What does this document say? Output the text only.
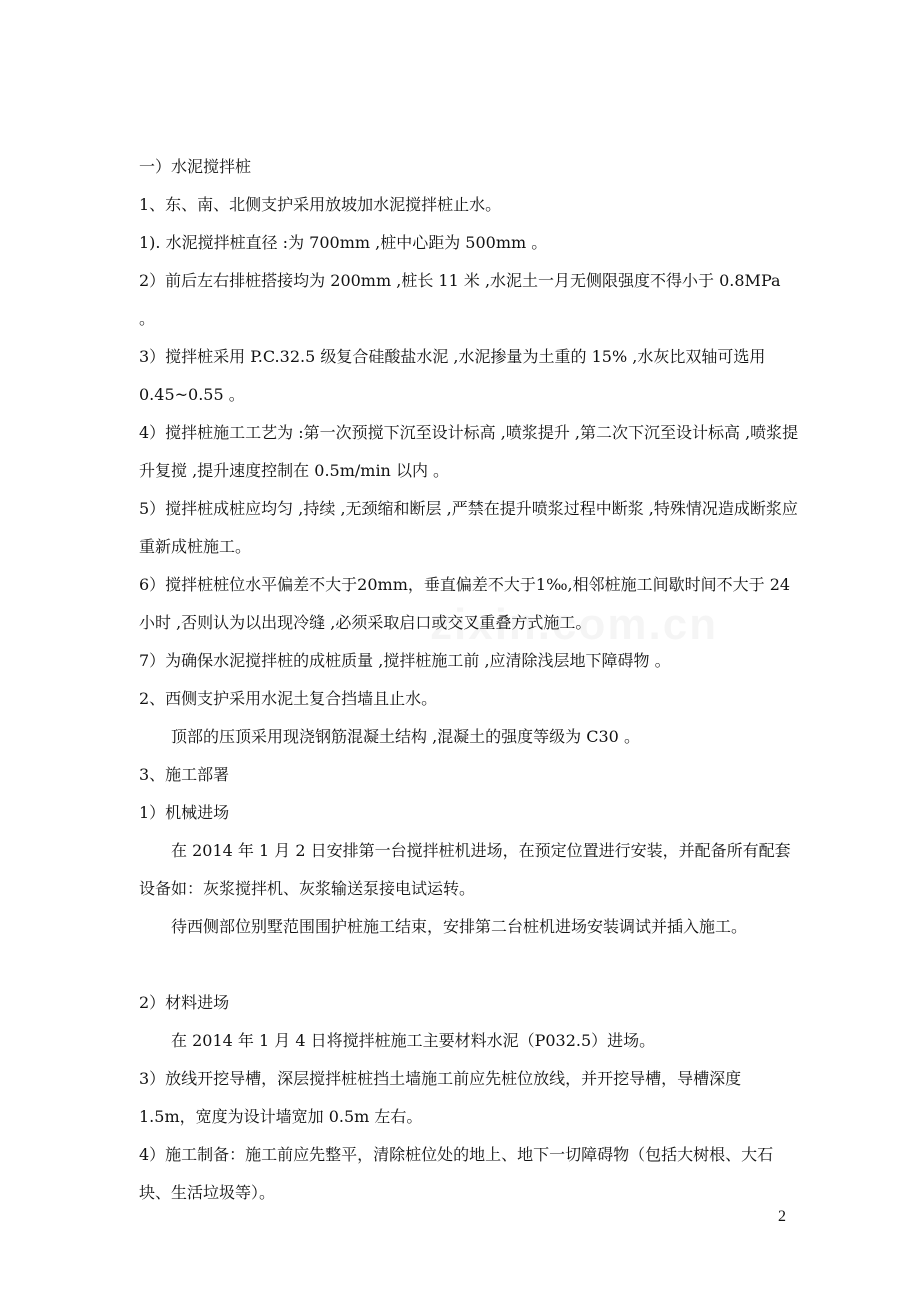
一）水泥搅拌桩

1、东、南、北侧支护采用放坡加水泥搅拌桩止水。

1). 水泥搅拌桩直径 :为 700mm ,桩中心距为 500mm 。

2）前后左右排桩搭接均为 200mm ,桩长 11 米 ,水泥土一月无侧限强度不得小于 0.8MPa 。

3）搅拌桩采用 P.C.32.5 级复合硅酸盐水泥 ,水泥掺量为土重的 15% ,水灰比双轴可选用 0.45~0.55 。

4）搅拌桩施工工艺为 :第一次预搅下沉至设计标高 ,喷浆提升 ,第二次下沉至设计标高 ,喷浆提升复搅 ,提升速度控制在 0.5m/min 以内 。

5）搅拌桩成桩应均匀 ,持续 ,无颈缩和断层 ,严禁在提升喷浆过程中断浆 ,特殊情况造成断浆应重新成桩施工。

6）搅拌桩桩位水平偏差不大于20mm，垂直偏差不大于1‰,相邻桩施工间歇时间不大于 24 小时 ,否则认为以出现冷缝 ,必须采取启口或交叉重叠方式施工。

7）为确保水泥搅拌桩的成桩质量 ,搅拌桩施工前 ,应清除浅层地下障碍物 。

2、西侧支护采用水泥土复合挡墙且止水。

顶部的压顶采用现浇钢筋混凝土结构 ,混凝土的强度等级为 C30 。

3、施工部署

1）机械进场

在 2014 年 1 月 2 日安排第一台搅拌桩机进场，在预定位置进行安装，并配备所有配套设备如：灰浆搅拌机、灰浆输送泵接电试运转。

待西侧部位别墅范围围护桩施工结束，安排第二台桩机进场安装调试并插入施工。

2）材料进场

在 2014 年 1 月 4 日将搅拌桩施工主要材料水泥（P032.5）进场。

3）放线开挖导槽，深层搅拌桩桩挡土墙施工前应先桩位放线，并开挖导槽，导槽深度 1.5m，宽度为设计墙宽加 0.5m 左右。

4）施工制备：施工前应先整平，清除桩位处的地上、地下一切障碍物（包括大树根、大石块、生活垃圾等）。

2
